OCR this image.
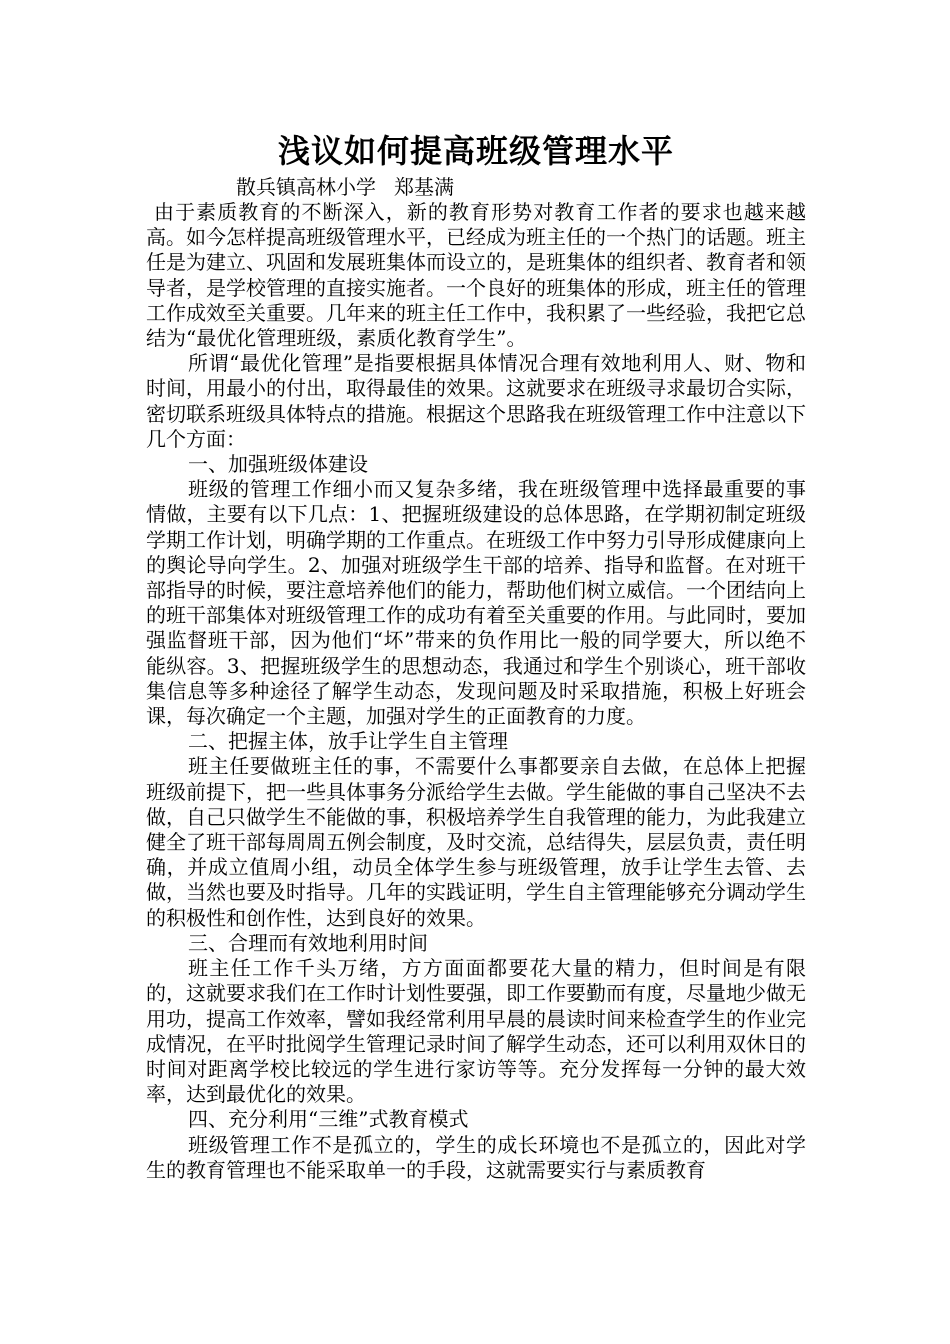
浅议如何提高班级管理水平

散兵镇高林小学 郑基满

由于素质教育的不断深入，新的教育形势对教育工作者的要求也越来越高。如今怎样提高班级管理水平，已经成为班主任的一个热门的话题。班主任是为建立、巩固和发展班集体而设立的，是班集体的组织者、教育者和领导者，是学校管理的直接实施者。一个良好的班集体的形成，班主任的管理工作成效至关重要。几年来的班主任工作中，我积累了一些经验，我把它总结为“最优化管理班级，素质化教育学生”。

所谓“最优化管理”是指要根据具体情况合理有效地利用人、财、物和时间，用最小的付出，取得最佳的效果。这就要求在班级寻求最切合实际，密切联系班级具体特点的措施。根据这个思路我在班级管理工作中注意以下几个方面：

一、加强班级体建设

班级的管理工作细小而又复杂多绪，我在班级管理中选择最重要的事情做，主要有以下几点：1、把握班级建设的总体思路，在学期初制定班级学期工作计划，明确学期的工作重点。在班级工作中努力引导形成健康向上的舆论导向学生。2、加强对班级学生干部的培养、指导和监督。在对班干部指导的时候，要注意培养他们的能力，帮助他们树立威信。一个团结向上的班干部集体对班级管理工作的成功有着至关重要的作用。与此同时，要加强监督班干部，因为他们“坏”带来的负作用比一般的同学要大，所以绝不能纵容。3、把握班级学生的思想动态，我通过和学生个别谈心，班干部收集信息等多种途径了解学生动态，发现问题及时采取措施，积极上好班会课，每次确定一个主题，加强对学生的正面教育的力度。

二、把握主体，放手让学生自主管理

班主任要做班主任的事，不需要什么事都要亲自去做，在总体上把握班级前提下，把一些具体事务分派给学生去做。学生能做的事自己坚决不去做，自己只做学生不能做的事，积极培养学生自我管理的能力，为此我建立健全了班干部每周周五例会制度，及时交流，总结得失，层层负责，责任明确，并成立值周小组，动员全体学生参与班级管理，放手让学生去管、去做，当然也要及时指导。几年的实践证明，学生自主管理能够充分调动学生的积极性和创作性，达到良好的效果。

三、合理而有效地利用时间

班主任工作千头万绪，方方面面都要花大量的精力，但时间是有限的，这就要求我们在工作时计划性要强，即工作要勤而有度，尽量地少做无用功，提高工作效率，譬如我经常利用早晨的晨读时间来检查学生的作业完成情况，在平时批阅学生管理记录时间了解学生动态，还可以利用双休日的时间对距离学校比较远的学生进行家访等等。充分发挥每一分钟的最大效率，达到最优化的效果。

四、充分利用“三维”式教育模式

班级管理工作不是孤立的，学生的成长环境也不是孤立的，因此对学生的教育管理也不能采取单一的手段，这就需要实行与素质教育
